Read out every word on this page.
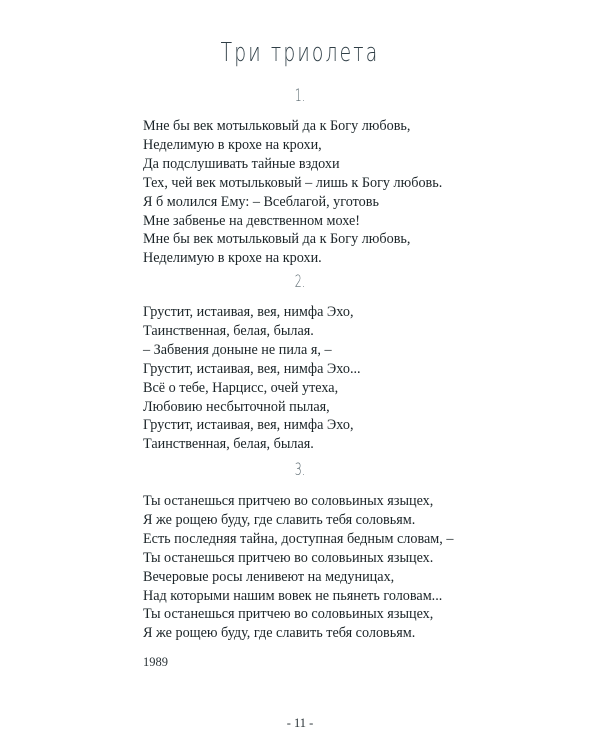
Три триолета
1.
Мне бы век мотыльковый да к Богу любовь,
Неделимую в крохе на крохи,
Да подслушивать тайные вздохи
Тех, чей век мотыльковый – лишь к Богу любовь.
Я б молился Ему: – Всеблагой, уготовь
Мне забвенье на девственном мохе!
Мне бы век мотыльковый да к Богу любовь,
Неделимую в крохе на крохи.
2.
Грустит, истаивая, вея, нимфа Эхо,
Таинственная, белая, былая.
– Забвения доныне не пила я, –
Грустит, истаивая, вея, нимфа Эхо...
Всё о тебе, Нарцисс, очей утеха,
Любовию несбыточной пылая,
Грустит, истаивая, вея, нимфа Эхо,
Таинственная, белая, былая.
3.
Ты останешься притчею во соловьиных языцех,
Я же рощею буду, где славить тебя соловьям.
Есть последняя тайна, доступная бедным словам, –
Ты останешься притчею во соловьиных языцех.
Вечеровые росы ленивеют на медуницах,
Над которыми нашим вовек не пьянеть головам...
Ты останешься притчею во соловьиных языцех,
Я же рощею буду, где славить тебя соловьям.
1989
- 11 -
